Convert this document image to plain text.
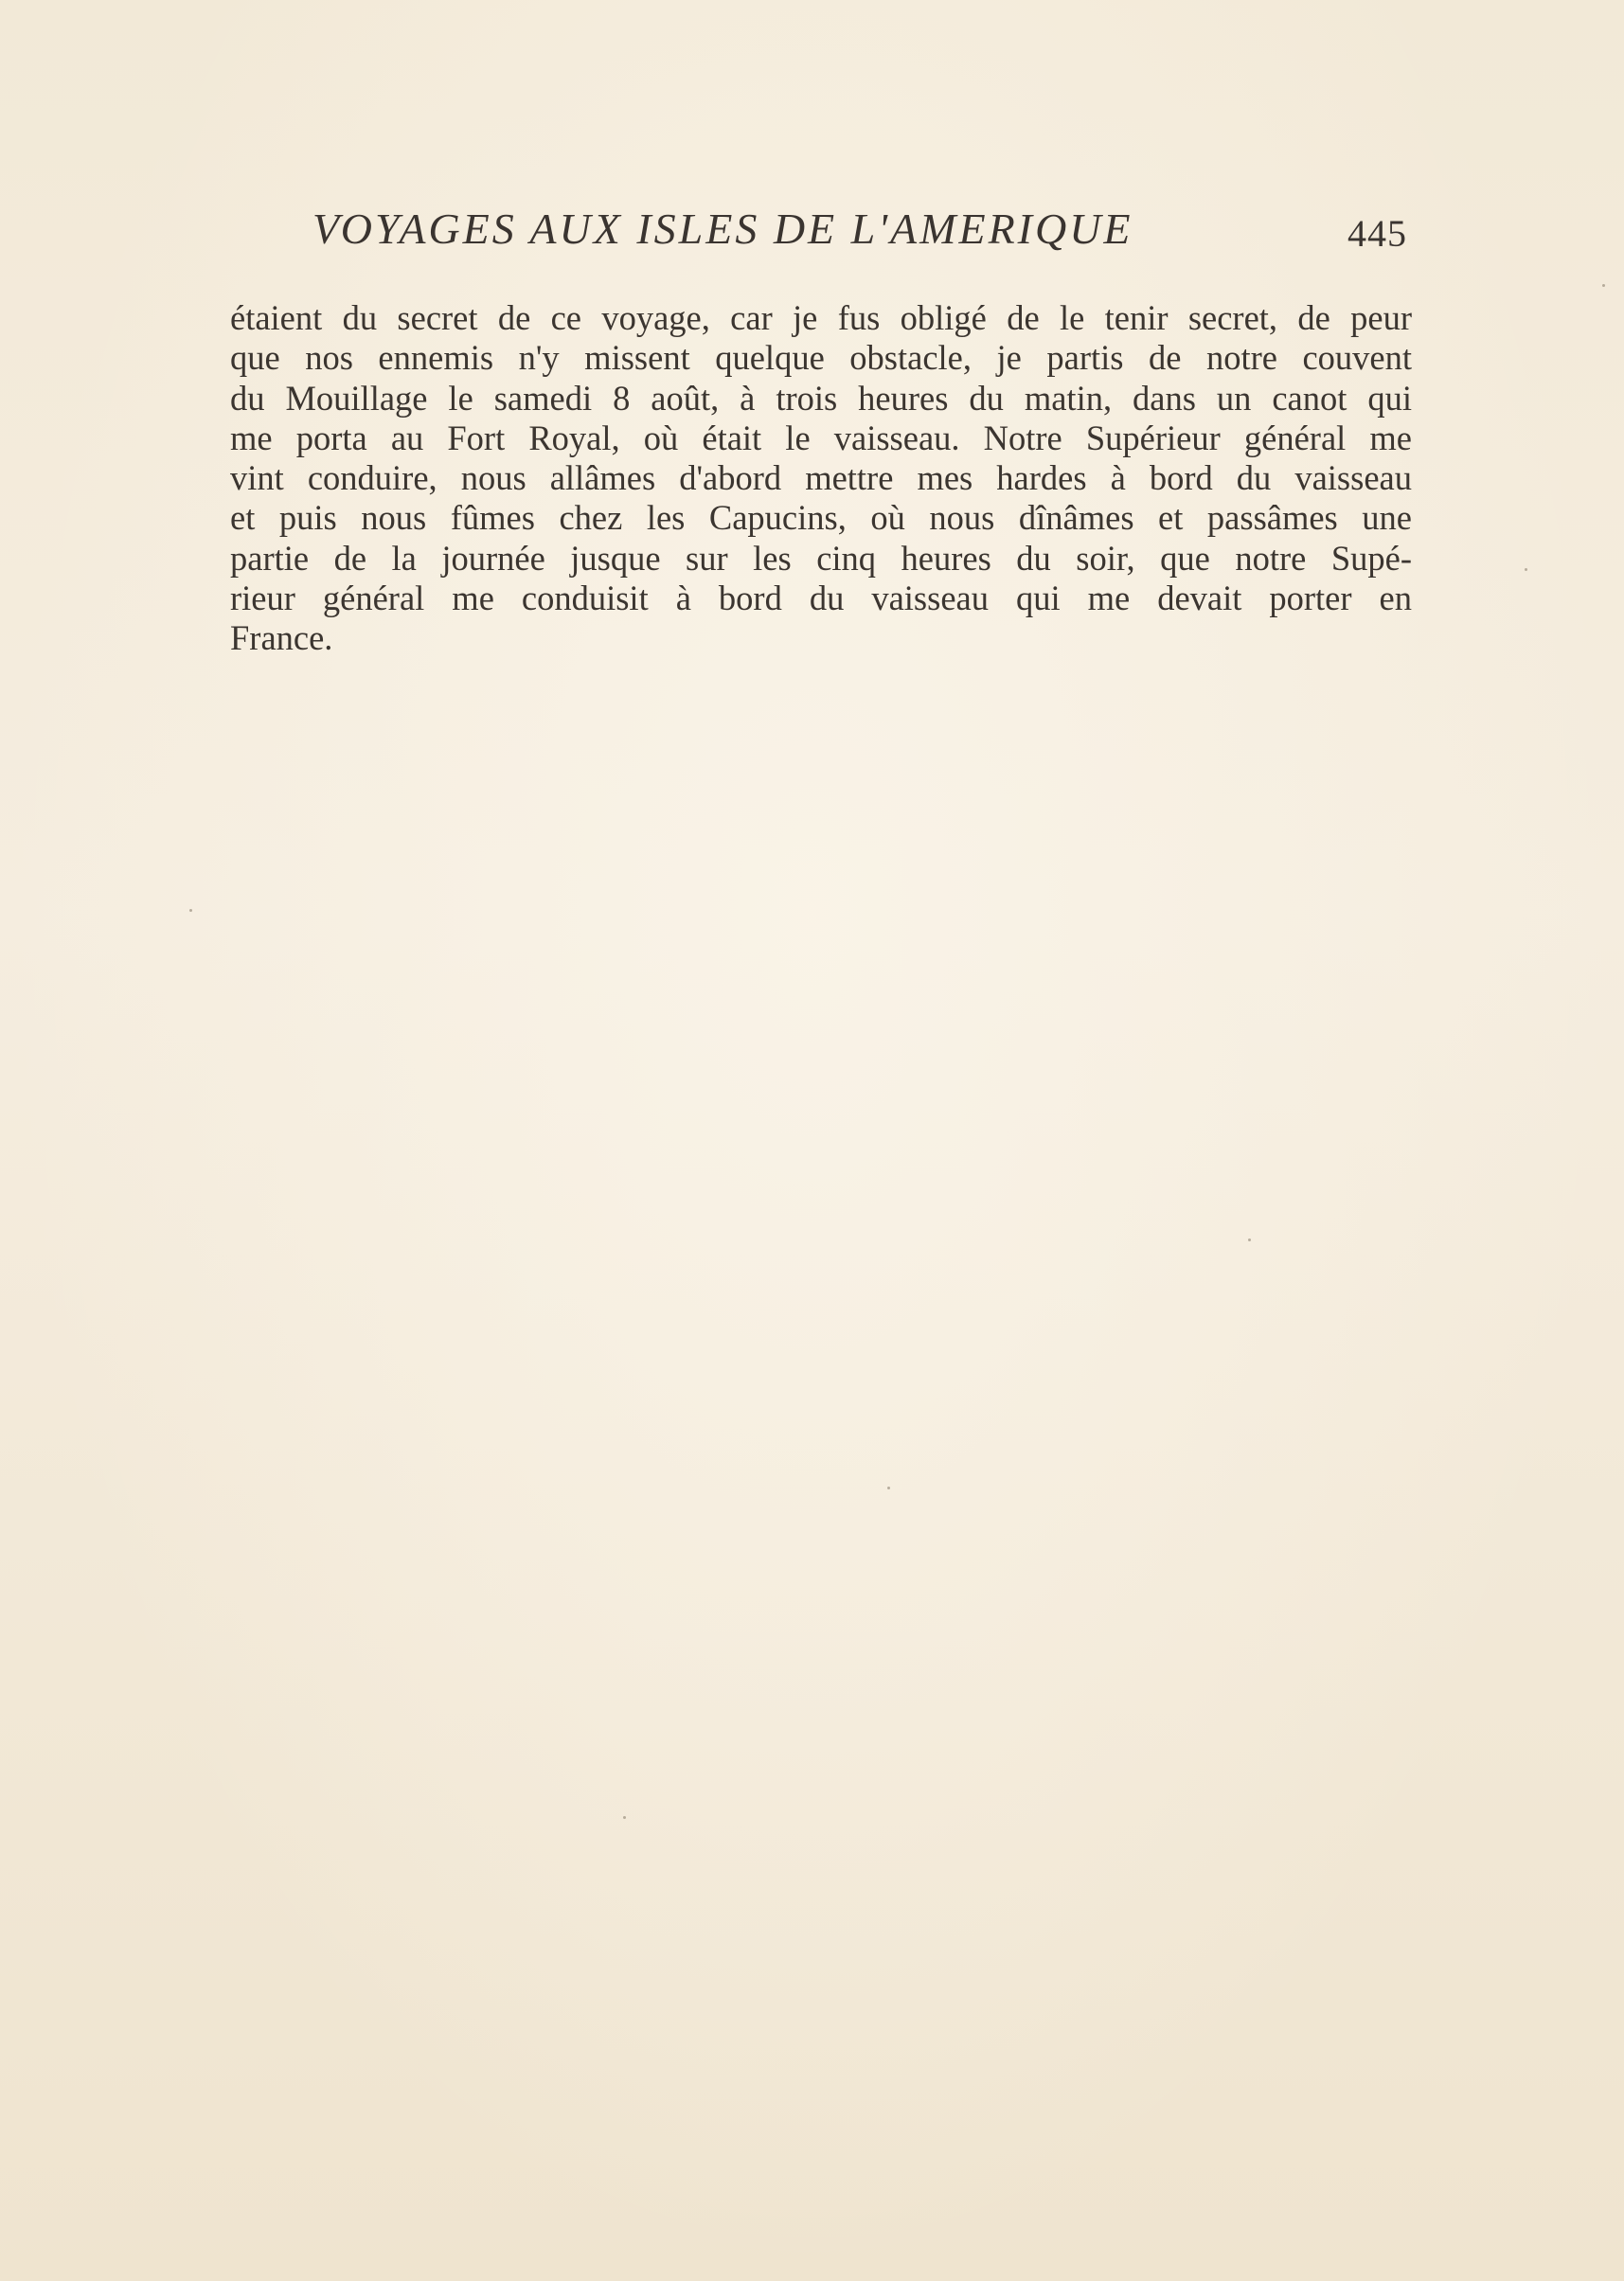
VOYAGES AUX ISLES DE L'AMERIQUE	445
étaient du secret de ce voyage, car je fus obligé de le tenir secret, de peur
que nos ennemis n'y missent quelque obstacle, je partis de notre couvent
du Mouillage le samedi 8 août, à trois heures du matin, dans un canot qui
me porta au Fort Royal, où était le vaisseau. Notre Supérieur général me
vint conduire, nous allâmes d'abord mettre mes hardes à bord du vaisseau
et puis nous fûmes chez les Capucins, où nous dînâmes et passâmes une
partie de la journée jusque sur les cinq heures du soir, que notre Supé-
rieur général me conduisit à bord du vaisseau qui me devait porter en
France.
